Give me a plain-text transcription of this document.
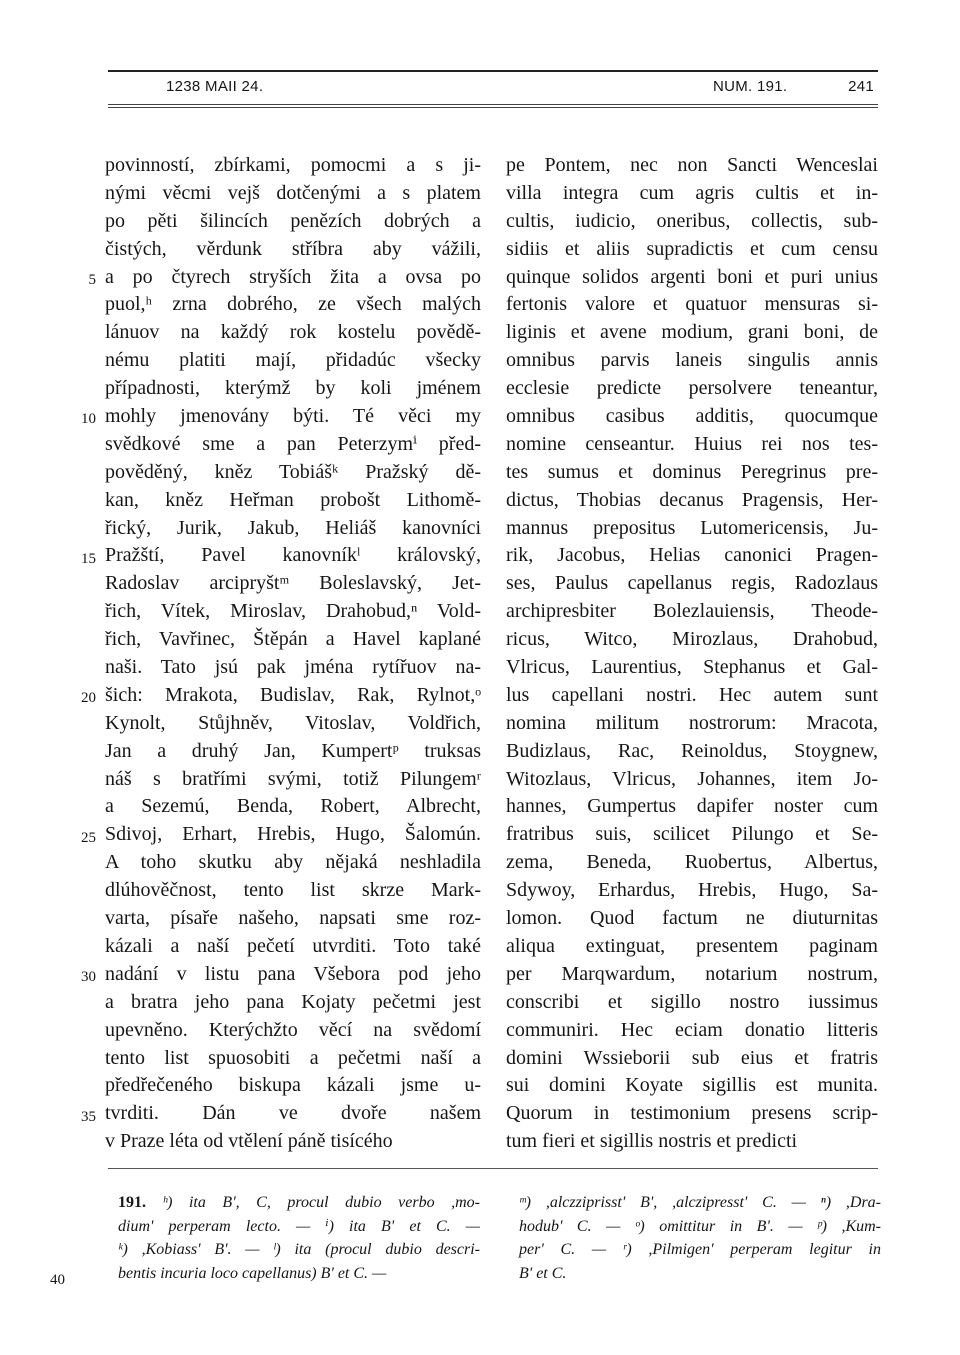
1238 MAII 24.	NUM. 191.	241
povinností, zbírkami, pomocmi a s ji-
nými věcmi vejš dotčenými a s platem
po pěti šilincích penězích dobrých a
čistých, věrdunk stříbra aby vážili,
a po čtyrech stryších žita a ovsa po
puol,ʰ zrna dobrého, ze všech malých
lánuov na každý rok kostelu povědě-
nému platiti mají, přidadúc všecky
případnosti, kterýmž by koli jménem
mohly jmenovány býti. Té věci my
svědkové sme a pan Peterzymⁱ před-
pověděný, kněz Tobiášᵏ Pražský dě-
kan, kněz Heřman probošt Lithomě-
řický, Jurik, Jakub, Heliáš kanovníci
Pražští, Pavel kanovníkˡ královský,
Radoslav arcipryštᵐ Boleslavský, Jet-
řich, Vítek, Miroslav, Drahobud,ⁿ Vold-
řich, Vavřinec, Štěpán a Havel kaplané
naši. Tato jsú pak jména rytířuov na-
šich: Mrakota, Budislav, Rak, Rylnot,ᵒ
Kynolt, Stůjhněv, Vitoslav, Voldřich,
Jan a druhý Jan, Kumpertᵖ truksas
náš s bratřími svými, totiž Pilungemʳ
a Sezemú, Benda, Robert, Albrecht,
Sdivoj, Erhart, Hrebis, Hugo, Šalomún.
A toho skutku aby nějaká neshladila
dlúhověčnost, tento list skrze Mark-
varta, písaře našeho, napsati sme roz-
kázali a naší pečetí utvrditi. Toto také
nadání v listu pana Všebora pod jeho
a bratra jeho pana Kojaty pečetmi jest
upevněno. Kterýchžto věcí na svědomí
tento list spuosobiti a pečetmi naší a
předřečeného biskupa kázali jsme u-
tvrditi. Dán ve dvoře našem
v Praze léta od vtělení páně tisícého
pe Pontem, nec non Sancti Wenceslai
villa integra cum agris cultis et in-
cultis, iudicio, oneribus, collectis, sub-
sidiis et aliis supradictis et cum censu
quinque solidos argenti boni et puri unius
fertonis valore et quatuor mensuras si-
liginis et avene modium, grani boni, de
omnibus parvis laneis singulis annis
ecclesie predicte persolvere teneantur,
omnibus casibus additis, quocumque
nomine censeantur. Huius rei nos tes-
tes sumus et dominus Peregrinus pre-
dictus, Thobias decanus Pragensis, Her-
mannus prepositus Lutomericensis, Ju-
rik, Jacobus, Helias canonici Pragen-
ses, Paulus capellanus regis, Radozlaus
archipresbiter Bolezlauiensis, Theode-
ricus, Witco, Mirozlaus, Drahobud,
Vlricus, Laurentius, Stephanus et Gal-
lus capellani nostri. Hec autem sunt
nomina militum nostrorum: Mracota,
Budizlaus, Rac, Reinoldus, Stoygnew,
Witozlaus, Vlricus, Johannes, item Jo-
hannes, Gumpertus dapifer noster cum
fratribus suis, scilicet Pilungo et Se-
zema, Beneda, Ruobertus, Albertus,
Sdywoy, Erhardus, Hrebis, Hugo, Sa-
lomon. Quod factum ne diuturnitas
aliqua extinguat, presentem paginam
per Marqwardum, notarium nostrum,
conscribi et sigillo nostro iussimus
communiri. Hec eciam donatio litteris
domini Wssieborii sub eius et fratris
sui domini Koyate sigillis est munita.
Quorum in testimonium presens scrip-
tum fieri et sigillis nostris et predicti
5
10
15
20
25
30
35
191. ʰ) ita B', C, procul dubio verbo ,mo-
dium' perperam lecto. — ⁱ) ita B' et C. —
ᵏ) ,Kobiass' B'. — ˡ) ita (procul dubio descri-
bentis incuria loco capellanus) B' et C. —
ᵐ) ,alczziprisst' B', ,alczipresst' C. — ⁿ) ,Dra-
hodub' C. — ᵒ) omittitur in B'. — ᵖ) ,Kum-
per' C. — ʳ) ,Pilmigen' perperam legitur in
B' et C.
40
